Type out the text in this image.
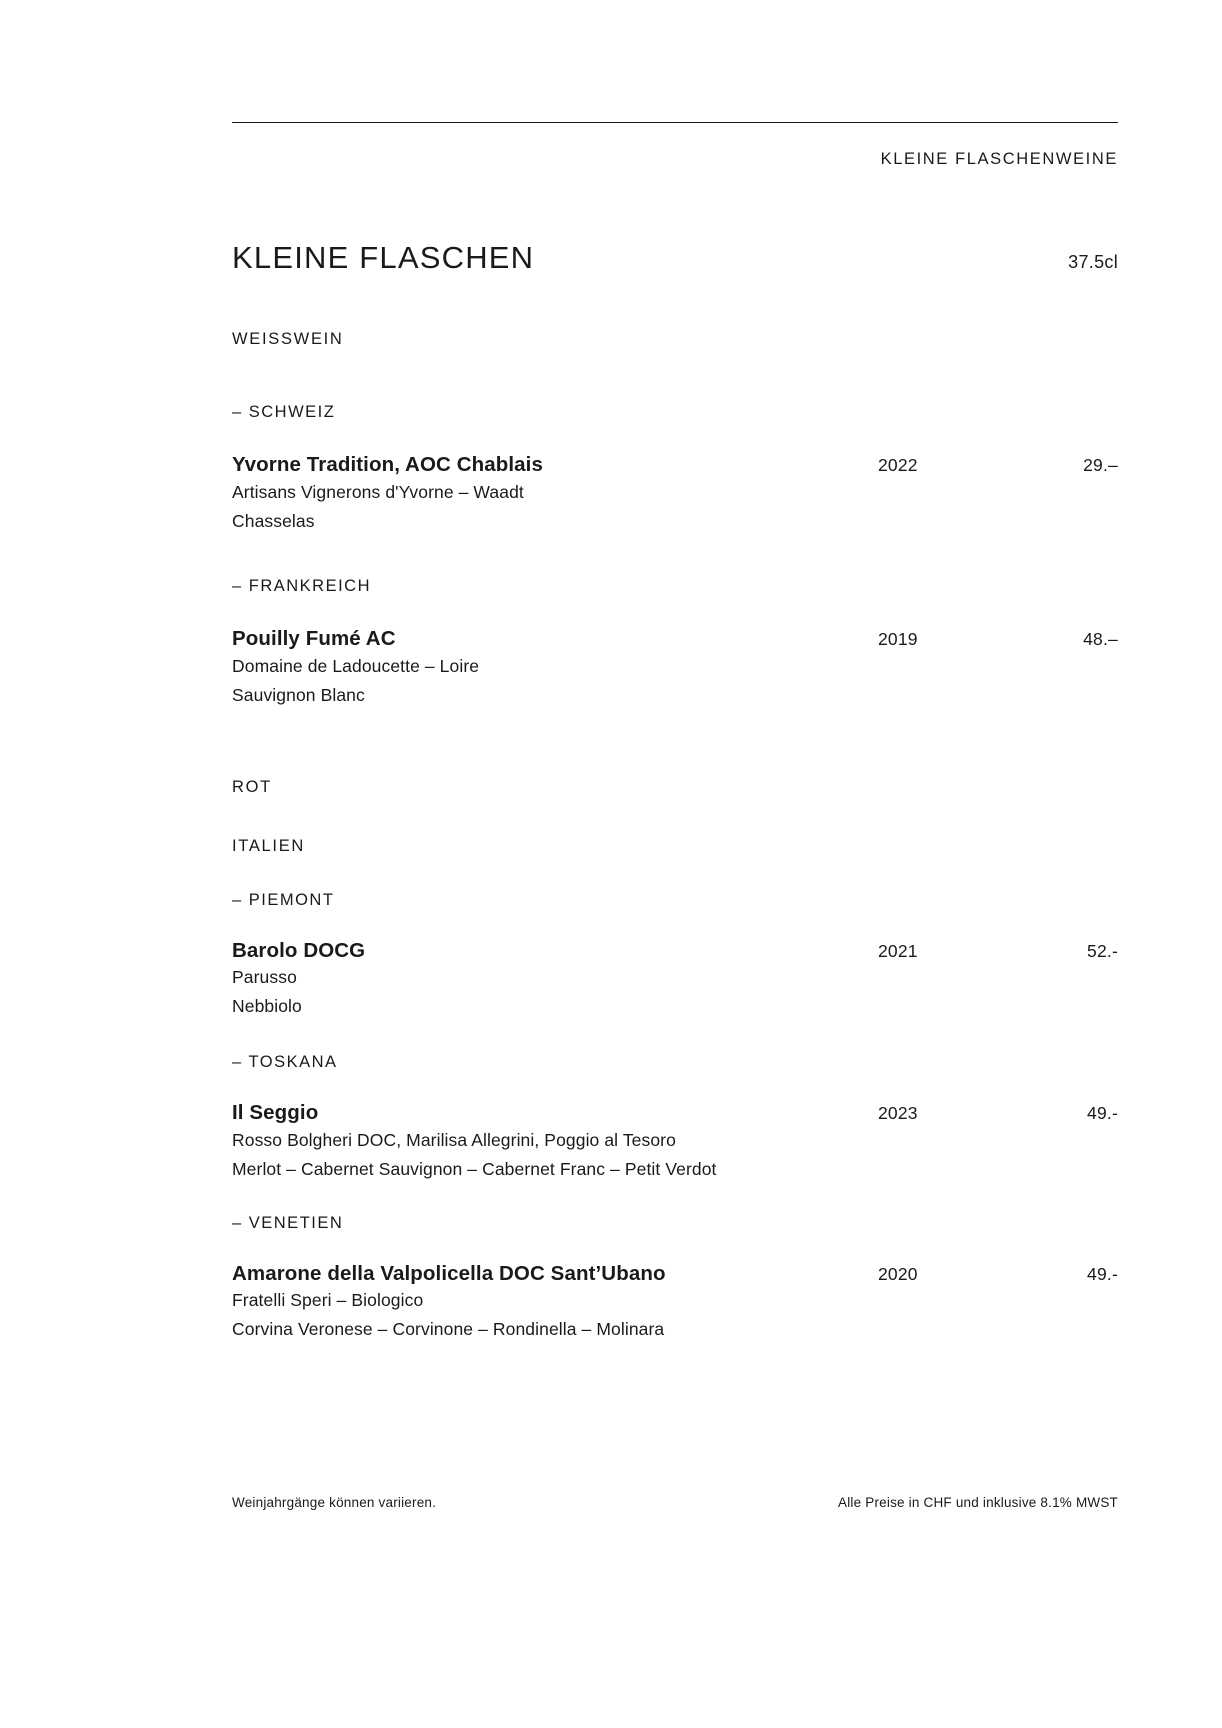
KLEINE FLASCHENWEINE
KLEINE FLASCHEN	37.5cl
WEISSWEIN
– SCHWEIZ
Yvorne Tradition, AOC Chablais	2022	29.–
Artisans Vignerons d'Yvorne – Waadt
Chasselas
– FRANKREICH
Pouilly Fumé AC	2019	48.–
Domaine de Ladoucette – Loire
Sauvignon Blanc
ROT
ITALIEN
– PIEMONT
Barolo DOCG	2021	52.-
Parusso
Nebbiolo
– TOSKANA
Il Seggio	2023	49.-
Rosso Bolgheri DOC, Marilisa Allegrini, Poggio al Tesoro
Merlot – Cabernet Sauvignon – Cabernet Franc – Petit Verdot
– VENETIEN
Amarone della Valpolicella DOC Sant’Ubano	2020	49.-
Fratelli Speri – Biologico
Corvina Veronese – Corvinone – Rondinella – Molinara
Weinjahrgänge können variieren.	Alle Preise in CHF und inklusive 8.1% MWST
